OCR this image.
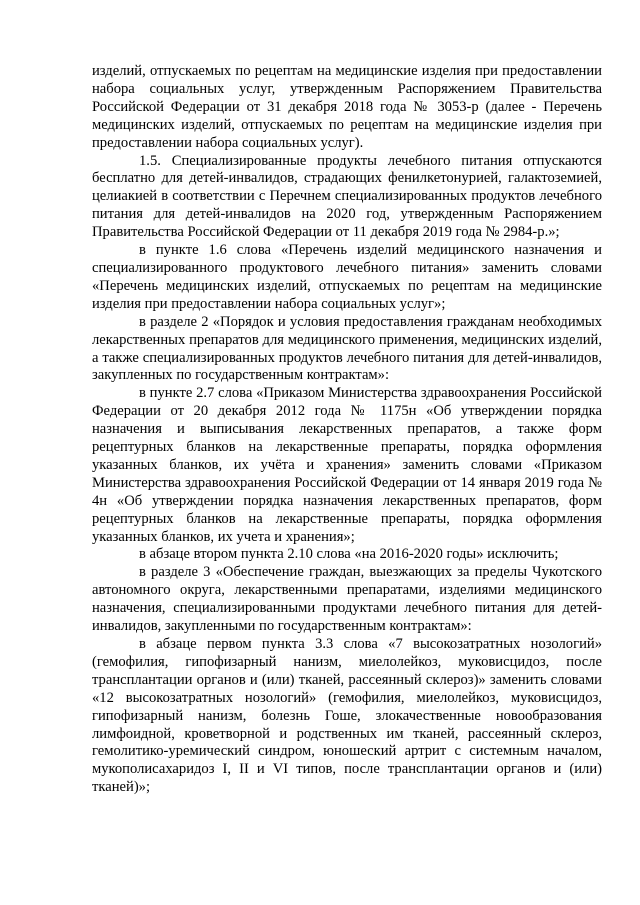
изделий, отпускаемых по рецептам на медицинские изделия при предоставлении набора социальных услуг, утвержденным Распоряжением Правительства Российской Федерации от 31 декабря 2018 года № 3053-р (далее - Перечень медицинских изделий, отпускаемых по рецептам на медицинские изделия при предоставлении набора социальных услуг).

1.5. Специализированные продукты лечебного питания отпускаются бесплатно для детей-инвалидов, страдающих фенилкетонурией, галактоземией, целиакией в соответствии с Перечнем специализированных продуктов лечебного питания для детей-инвалидов на 2020 год, утвержденным Распоряжением Правительства Российской Федерации от 11 декабря 2019 года № 2984-р.»;

в пункте 1.6 слова «Перечень изделий медицинского назначения и специализированного продуктового лечебного питания» заменить словами «Перечень медицинских изделий, отпускаемых по рецептам на медицинские изделия при предоставлении набора социальных услуг»;

в разделе 2 «Порядок и условия предоставления гражданам необходимых лекарственных препаратов для медицинского применения, медицинских изделий, а также специализированных продуктов лечебного питания для детей-инвалидов, закупленных по государственным контрактам»:

в пункте 2.7 слова «Приказом Министерства здравоохранения Российской Федерации от 20 декабря 2012 года № 1175н «Об утверждении порядка назначения и выписывания лекарственных препаратов, а также форм рецептурных бланков на лекарственные препараты, порядка оформления указанных бланков, их учёта и хранения» заменить словами «Приказом Министерства здравоохранения Российской Федерации от 14 января 2019 года № 4н «Об утверждении порядка назначения лекарственных препаратов, форм рецептурных бланков на лекарственные препараты, порядка оформления указанных бланков, их учета и хранения»;

в абзаце втором пункта 2.10 слова «на 2016-2020 годы» исключить;

в разделе 3 «Обеспечение граждан, выезжающих за пределы Чукотского автономного округа, лекарственными препаратами, изделиями медицинского назначения, специализированными продуктами лечебного питания для детей-инвалидов, закупленными по государственным контрактам»:

в абзаце первом пункта 3.3 слова «7 высокозатратных нозологий» (гемофилия, гипофизарный нанизм, миелолейкоз, муковисцидоз, после трансплантации органов и (или) тканей, рассеянный склероз)» заменить словами «12 высокозатратных нозологий» (гемофилия, миелолейкоз, муковисцидоз, гипофизарный нанизм, болезнь Гоше, злокачественные новообразования лимфоидной, кроветворной и родственных им тканей, рассеянный склероз, гемолитико-уремический синдром, юношеский артрит с системным началом, мукополисахаридоз I, II и VI типов, после трансплантации органов и (или) тканей)»;
